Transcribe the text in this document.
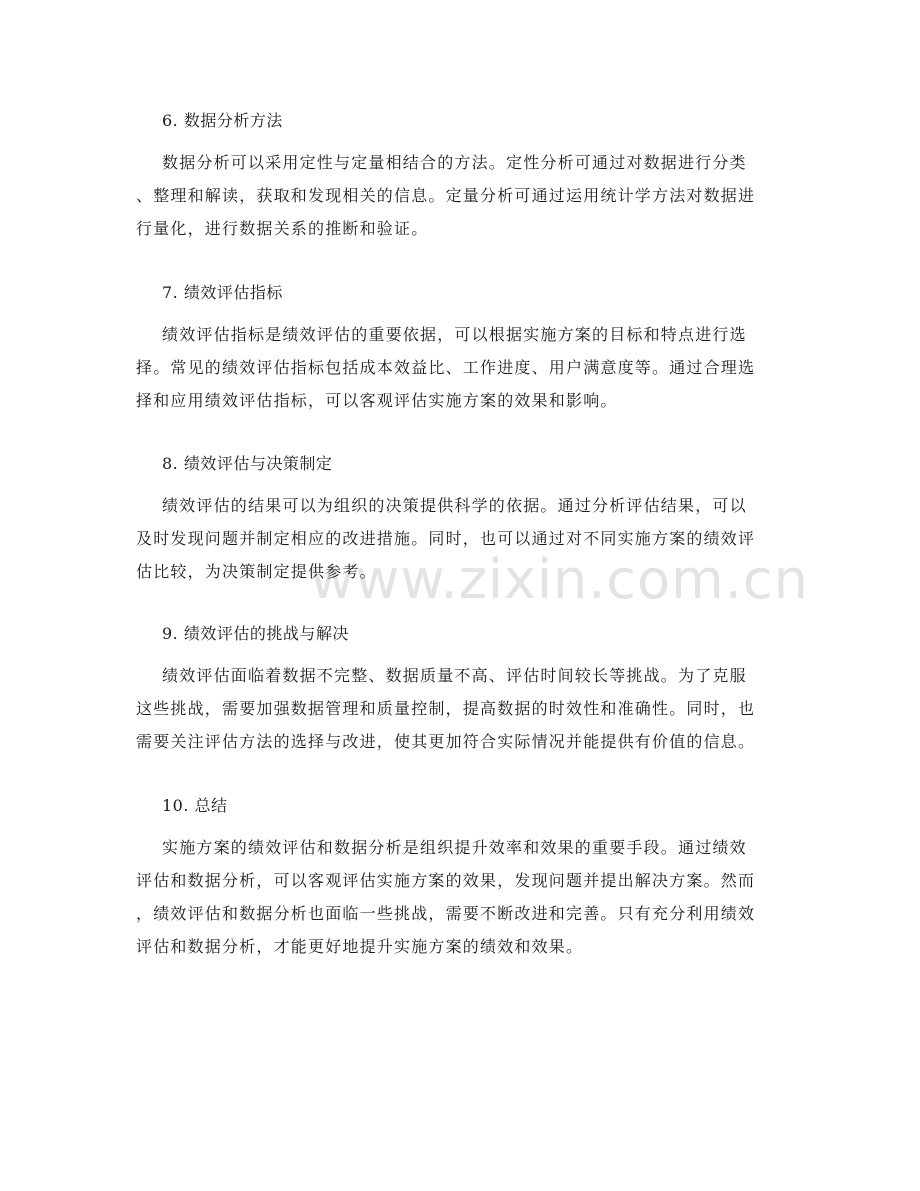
www.zixin.com.cn
6. 数据分析方法
数据分析可以采用定性与定量相结合的方法。定性分析可通过对数据进行分类
、整理和解读，获取和发现相关的信息。定量分析可通过运用统计学方法对数据进
行量化，进行数据关系的推断和验证。
7. 绩效评估指标
绩效评估指标是绩效评估的重要依据，可以根据实施方案的目标和特点进行选
择。常见的绩效评估指标包括成本效益比、工作进度、用户满意度等。通过合理选
择和应用绩效评估指标，可以客观评估实施方案的效果和影响。
8. 绩效评估与决策制定
绩效评估的结果可以为组织的决策提供科学的依据。通过分析评估结果，可以
及时发现问题并制定相应的改进措施。同时，也可以通过对不同实施方案的绩效评
估比较，为决策制定提供参考。
9. 绩效评估的挑战与解决
绩效评估面临着数据不完整、数据质量不高、评估时间较长等挑战。为了克服
这些挑战，需要加强数据管理和质量控制，提高数据的时效性和准确性。同时，也
需要关注评估方法的选择与改进，使其更加符合实际情况并能提供有价值的信息。
10. 总结
实施方案的绩效评估和数据分析是组织提升效率和效果的重要手段。通过绩效
评估和数据分析，可以客观评估实施方案的效果，发现问题并提出解决方案。然而
，绩效评估和数据分析也面临一些挑战，需要不断改进和完善。只有充分利用绩效
评估和数据分析，才能更好地提升实施方案的绩效和效果。
